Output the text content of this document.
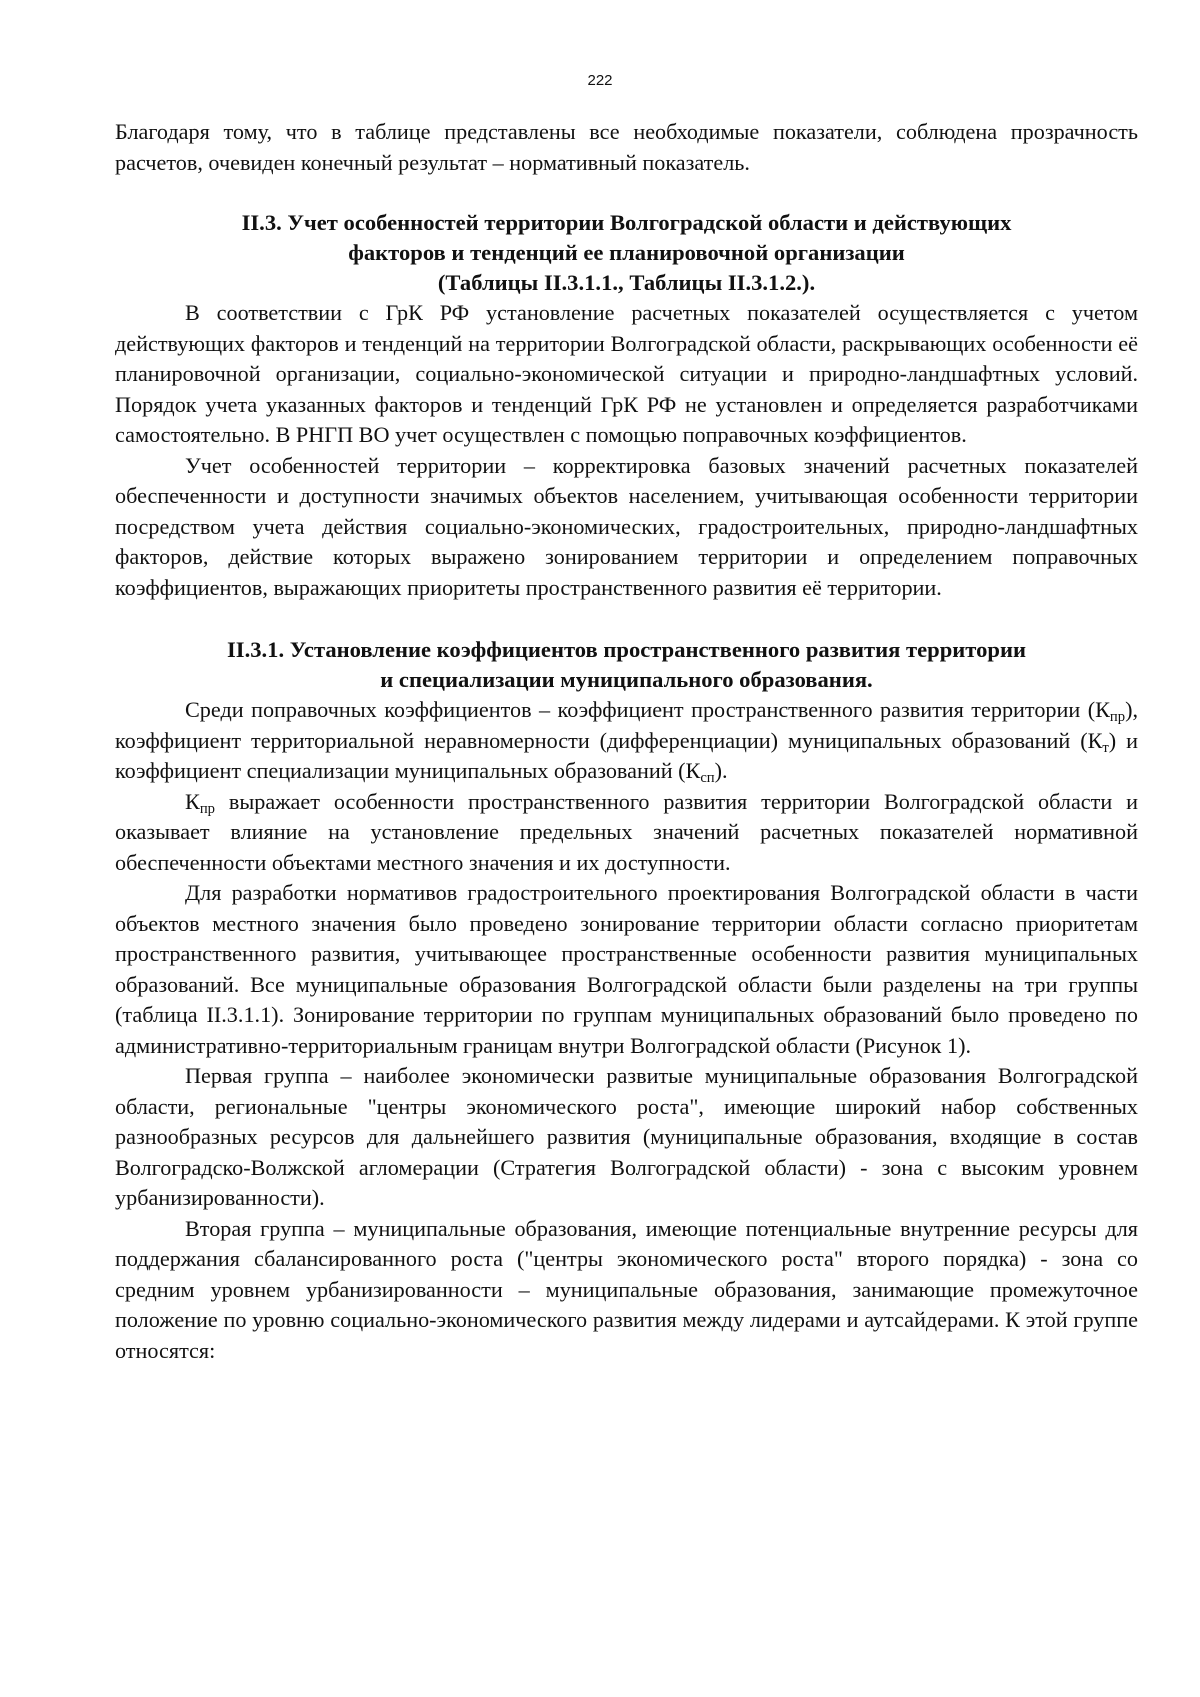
222

Благодаря тому, что в таблице представлены все необходимые показатели, соблюдена прозрачность расчетов, очевиден конечный результат – нормативный показатель.

II.3. Учет особенностей территории Волгоградской области и действующих
факторов и тенденций ее планировочной организации
(Таблицы II.3.1.1., Таблицы II.3.1.2.).

В соответствии с ГрК РФ установление расчетных показателей осуществляется с учетом действующих факторов и тенденций на территории Волгоградской области, раскрывающих особенности её планировочной организации, социально-экономической ситуации и природно-ландшафтных условий. Порядок учета указанных факторов и тенденций ГрК РФ не установлен и определяется разработчиками самостоятельно. В РНГП ВО учет осуществлен с помощью поправочных коэффициентов.

Учет особенностей территории – корректировка базовых значений расчетных показателей обеспеченности и доступности значимых объектов населением, учитывающая особенности территории посредством учета действия социально-экономических, градостроительных, природно-ландшафтных факторов, действие которых выражено зонированием территории и определением поправочных коэффициентов, выражающих приоритеты пространственного развития её территории.

II.3.1. Установление коэффициентов пространственного развития территории
и специализации муниципального образования.

Среди поправочных коэффициентов – коэффициент пространственного развития территории $(К_{пр})$, коэффициент территориальной неравномерности (дифференциации) муниципальных образований $(К_т)$ и коэффициент специализации муниципальных образований $(К_{сп})$.

$К_{пр}$ выражает особенности пространственного развития территории Волгоградской области и оказывает влияние на установление предельных значений расчетных показателей нормативной обеспеченности объектами местного значения и их доступности.

Для разработки нормативов градостроительного проектирования Волгоградской области в части объектов местного значения было проведено зонирование территории области согласно приоритетам пространственного развития, учитывающее пространственные особенности развития муниципальных образований. Все муниципальные образования Волгоградской области были разделены на три группы (таблица II.3.1.1). Зонирование территории по группам муниципальных образований было проведено по административно-территориальным границам внутри Волгоградской области (Рисунок 1).

Первая группа – наиболее экономически развитые муниципальные образования Волгоградской области, региональные "центры экономического роста", имеющие широкий набор собственных разнообразных ресурсов для дальнейшего развития (муниципальные образования, входящие в состав Волгоградско-Волжской агломерации (Стратегия Волгоградской области) - зона с высоким уровнем урбанизированности).

Вторая группа – муниципальные образования, имеющие потенциальные внутренние ресурсы для поддержания сбалансированного роста ("центры экономического роста" второго порядка) - зона со средним уровнем урбанизированности – муниципальные образования, занимающие промежуточное положение по уровню социально-экономического развития между лидерами и аутсайдерами. К этой группе относятся:
